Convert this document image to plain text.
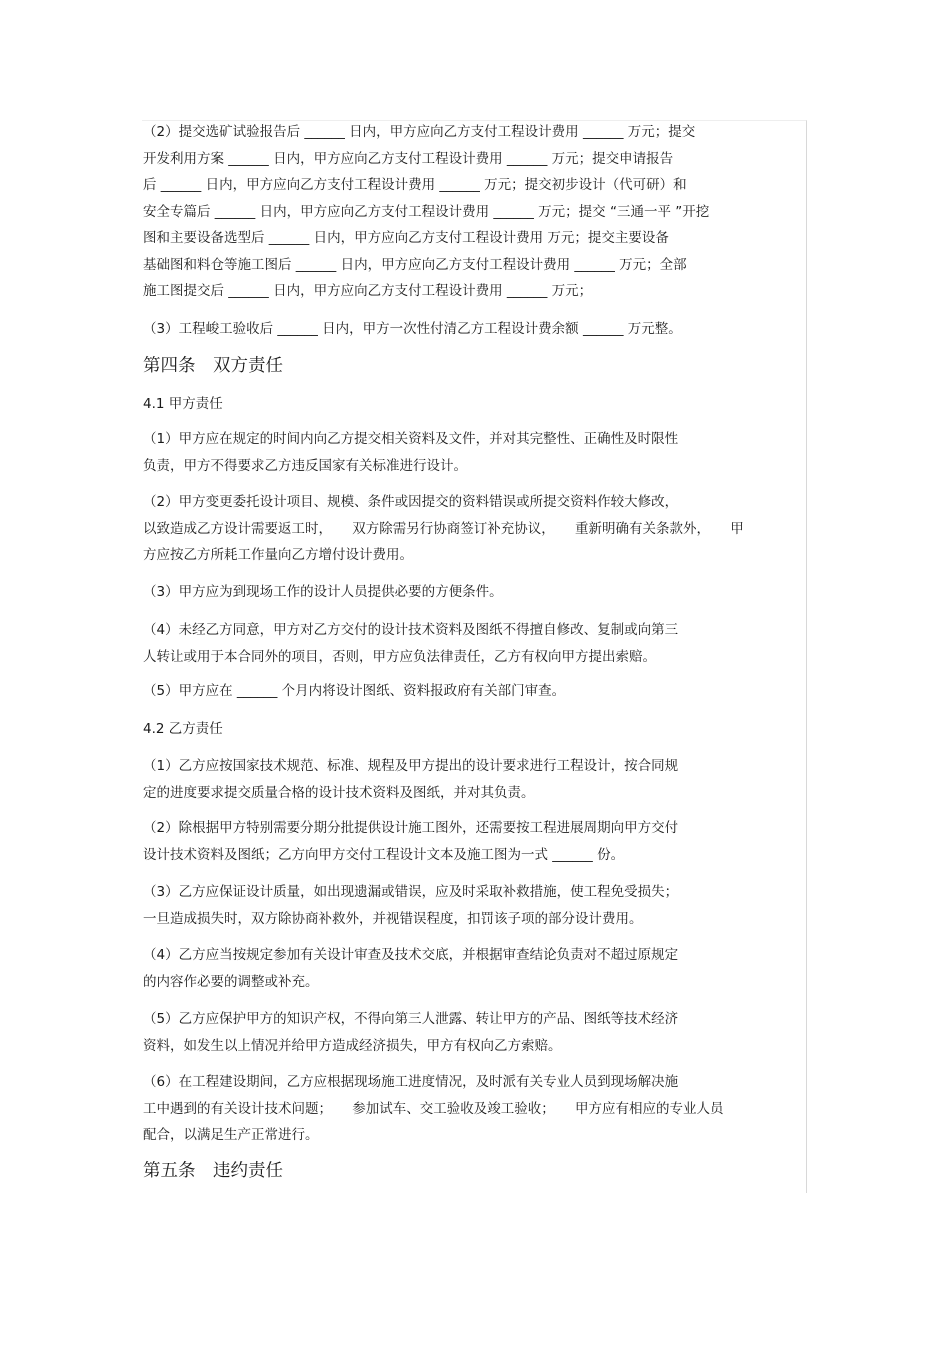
（2）提交选矿试验报告后 ______ 日内，甲方应向乙方支付工程设计费用 ______ 万元；提交
开发利用方案 ______ 日内，甲方应向乙方支付工程设计费用 ______ 万元；提交申请报告
后 ______ 日内，甲方应向乙方支付工程设计费用 ______ 万元；提交初步设计（代可研）和
安全专篇后 ______ 日内，甲方应向乙方支付工程设计费用 ______ 万元；提交 “三通一平 ”开挖
图和主要设备选型后 ______ 日内，甲方应向乙方支付工程设计费用 万元；提交主要设备
基础图和料仓等施工图后 ______ 日内，甲方应向乙方支付工程设计费用 ______ 万元；全部
施工图提交后 ______ 日内，甲方应向乙方支付工程设计费用 ______ 万元；
（3）工程峻工验收后 ______ 日内，甲方一次性付清乙方工程设计费余额 ______ 万元整。
第四条　双方责任
4.1 甲方责任
（1）甲方应在规定的时间内向乙方提交相关资料及文件，并对其完整性、正确性及时限性
负责，甲方不得要求乙方违反国家有关标准进行设计。
（2）甲方变更委托设计项目、规模、条件或因提交的资料错误或所提交资料作较大修改，
以致造成乙方设计需要返工时，　　双方除需另行协商签订补充协议，　　重新明确有关条款外，　　甲
方应按乙方所耗工作量向乙方增付设计费用。
（3）甲方应为到现场工作的设计人员提供必要的方便条件。
（4）未经乙方同意，甲方对乙方交付的设计技术资料及图纸不得擅自修改、复制或向第三
人转让或用于本合同外的项目，否则，甲方应负法律责任，乙方有权向甲方提出索赔。
（5）甲方应在 ______ 个月内将设计图纸、资料报政府有关部门审查。
4.2 乙方责任
（1）乙方应按国家技术规范、标准、规程及甲方提出的设计要求进行工程设计，按合同规
定的进度要求提交质量合格的设计技术资料及图纸，并对其负责。
（2）除根据甲方特别需要分期分批提供设计施工图外，还需要按工程进展周期向甲方交付
设计技术资料及图纸；乙方向甲方交付工程设计文本及施工图为一式 ______ 份。
（3）乙方应保证设计质量，如出现遗漏或错误，应及时采取补救措施，使工程免受损失；
一旦造成损失时，双方除协商补救外，并视错误程度，扣罚该子项的部分设计费用。
（4）乙方应当按规定参加有关设计审查及技术交底，并根据审查结论负责对不超过原规定
的内容作必要的调整或补充。
（5）乙方应保护甲方的知识产权，不得向第三人泄露、转让甲方的产品、图纸等技术经济
资料，如发生以上情况并给甲方造成经济损失，甲方有权向乙方索赔。
（6）在工程建设期间，乙方应根据现场施工进度情况，及时派有关专业人员到现场解决施
工中遇到的有关设计技术问题；　　参加试车、交工验收及竣工验收；　　甲方应有相应的专业人员
配合，以满足生产正常进行。
第五条　违约责任
